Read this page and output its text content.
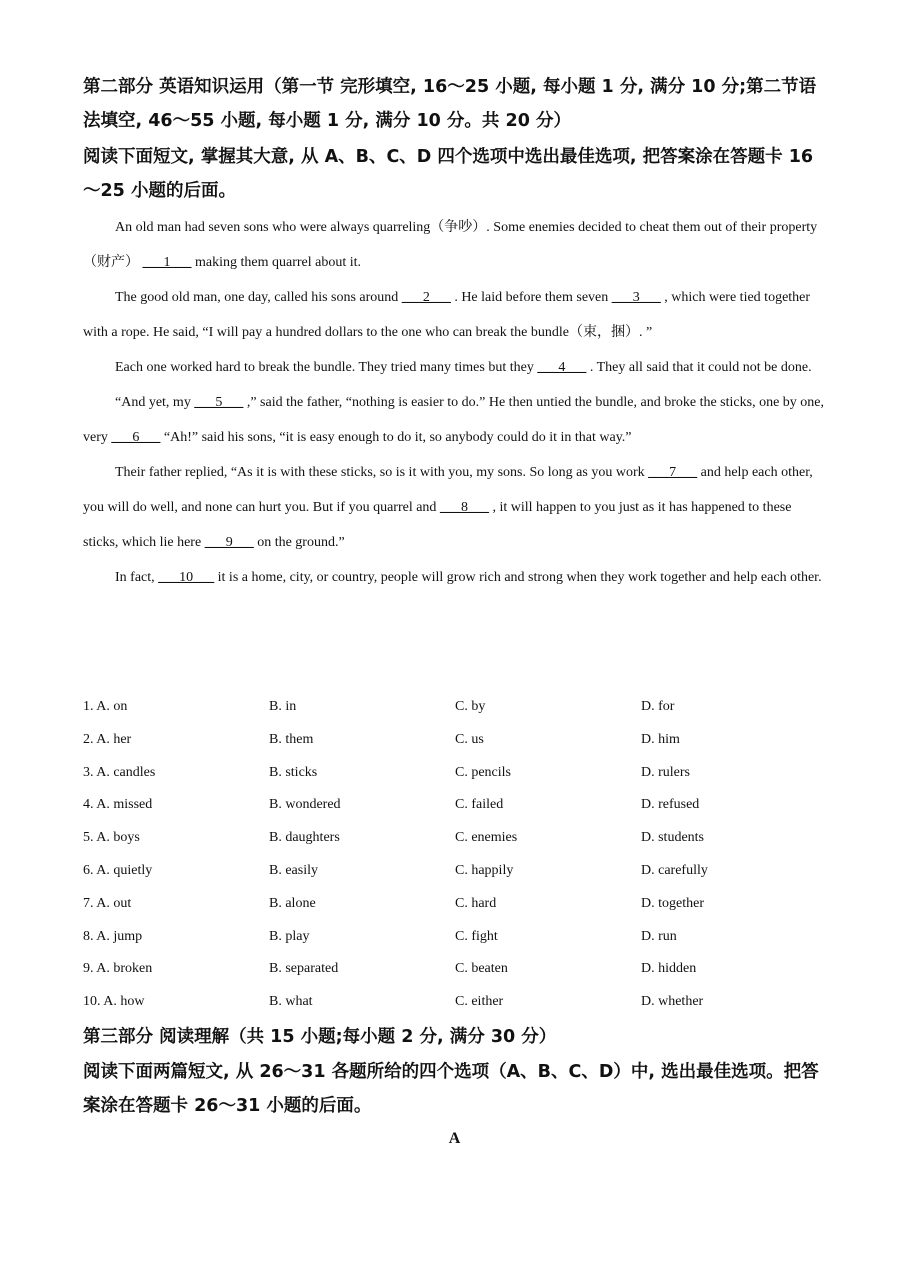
第二部分 英语知识运用（第一节 完形填空, 16～25 小题, 每小题 1 分, 满分 10 分;第二节语法填空, 46～55 小题, 每小题 1 分, 满分 10 分。共 20 分）
阅读下面短文, 掌握其大意, 从 A、B、C、D 四个选项中选出最佳选项, 把答案涂在答题卡 16～25 小题的后面。

An old man had seven sons who were always quarreling（争吵）. Some enemies decided to cheat them out of their property（财产） ___1___ making them quarrel about it.

The good old man, one day, called his sons around ___2___ . He laid before them seven ___3___ , which were tied together with a rope. He said, “I will pay a hundred dollars to the one who can break the bundle（束，捆）. ”

Each one worked hard to break the bundle. They tried many times but they ___4___ . They all said that it could not be done.

“And yet, my ___5___ ,” said the father, “nothing is easier to do.” He then untied the bundle, and broke the sticks, one by one, very ___6___ “Ah!” said his sons, “it is easy enough to do it, so anybody could do it in that way.”

Their father replied, “As it is with these sticks, so is it with you, my sons. So long as you work ___7___ and help each other, you will do well, and none can hurt you. But if you quarrel and ___8___ , it will happen to you just as it has happened to these sticks, which lie here ___9___ on the ground.”

In fact, ___10___ it is a home, city, or country, people will grow rich and strong when they work together and help each other.

1. A. on	B. in	C. by	D. for
2. A. her	B. them	C. us	D. him
3. A. candles	B. sticks	C. pencils	D. rulers
4. A. missed	B. wondered	C. failed	D. refused
5. A. boys	B. daughters	C. enemies	D. students
6. A. quietly	B. easily	C. happily	D. carefully
7. A. out	B. alone	C. hard	D. together
8. A. jump	B. play	C. fight	D. run
9. A. broken	B. separated	C. beaten	D. hidden
10. A. how	B. what	C. either	D. whether
第三部分 阅读理解（共 15 小题;每小题 2 分, 满分 30 分）
阅读下面两篇短文, 从 26～31 各题所给的四个选项（A、B、C、D）中, 选出最佳选项。把答案涂在答题卡 26～31 小题的后面。
A
